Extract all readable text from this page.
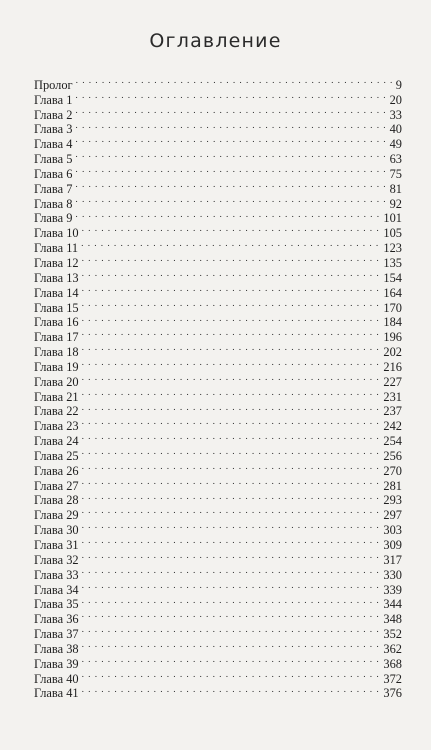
Оглавление
Пролог . . .	9
Глава 1 . . .	20
Глава 2 . . .	33
Глава 3 . . .	40
Глава 4 . . .	49
Глава 5 . . .	63
Глава 6 . . .	75
Глава 7 . . .	81
Глава 8 . . .	92
Глава 9 . . .	101
Глава 10 . . .	105
Глава 11 . . .	123
Глава 12 . . .	135
Глава 13 . . .	154
Глава 14 . . .	164
Глава 15 . . .	170
Глава 16 . . .	184
Глава 17 . . .	196
Глава 18 . . .	202
Глава 19 . . .	216
Глава 20 . . .	227
Глава 21 . . .	231
Глава 22 . . .	237
Глава 23 . . .	242
Глава 24 . . .	254
Глава 25 . . .	256
Глава 26 . . .	270
Глава 27 . . .	281
Глава 28 . . .	293
Глава 29 . . .	297
Глава 30 . . .	303
Глава 31 . . .	309
Глава 32 . . .	317
Глава 33 . . .	330
Глава 34 . . .	339
Глава 35 . . .	344
Глава 36 . . .	348
Глава 37 . . .	352
Глава 38 . . .	362
Глава 39 . . .	368
Глава 40 . . .	372
Глава 41 . . .	376
